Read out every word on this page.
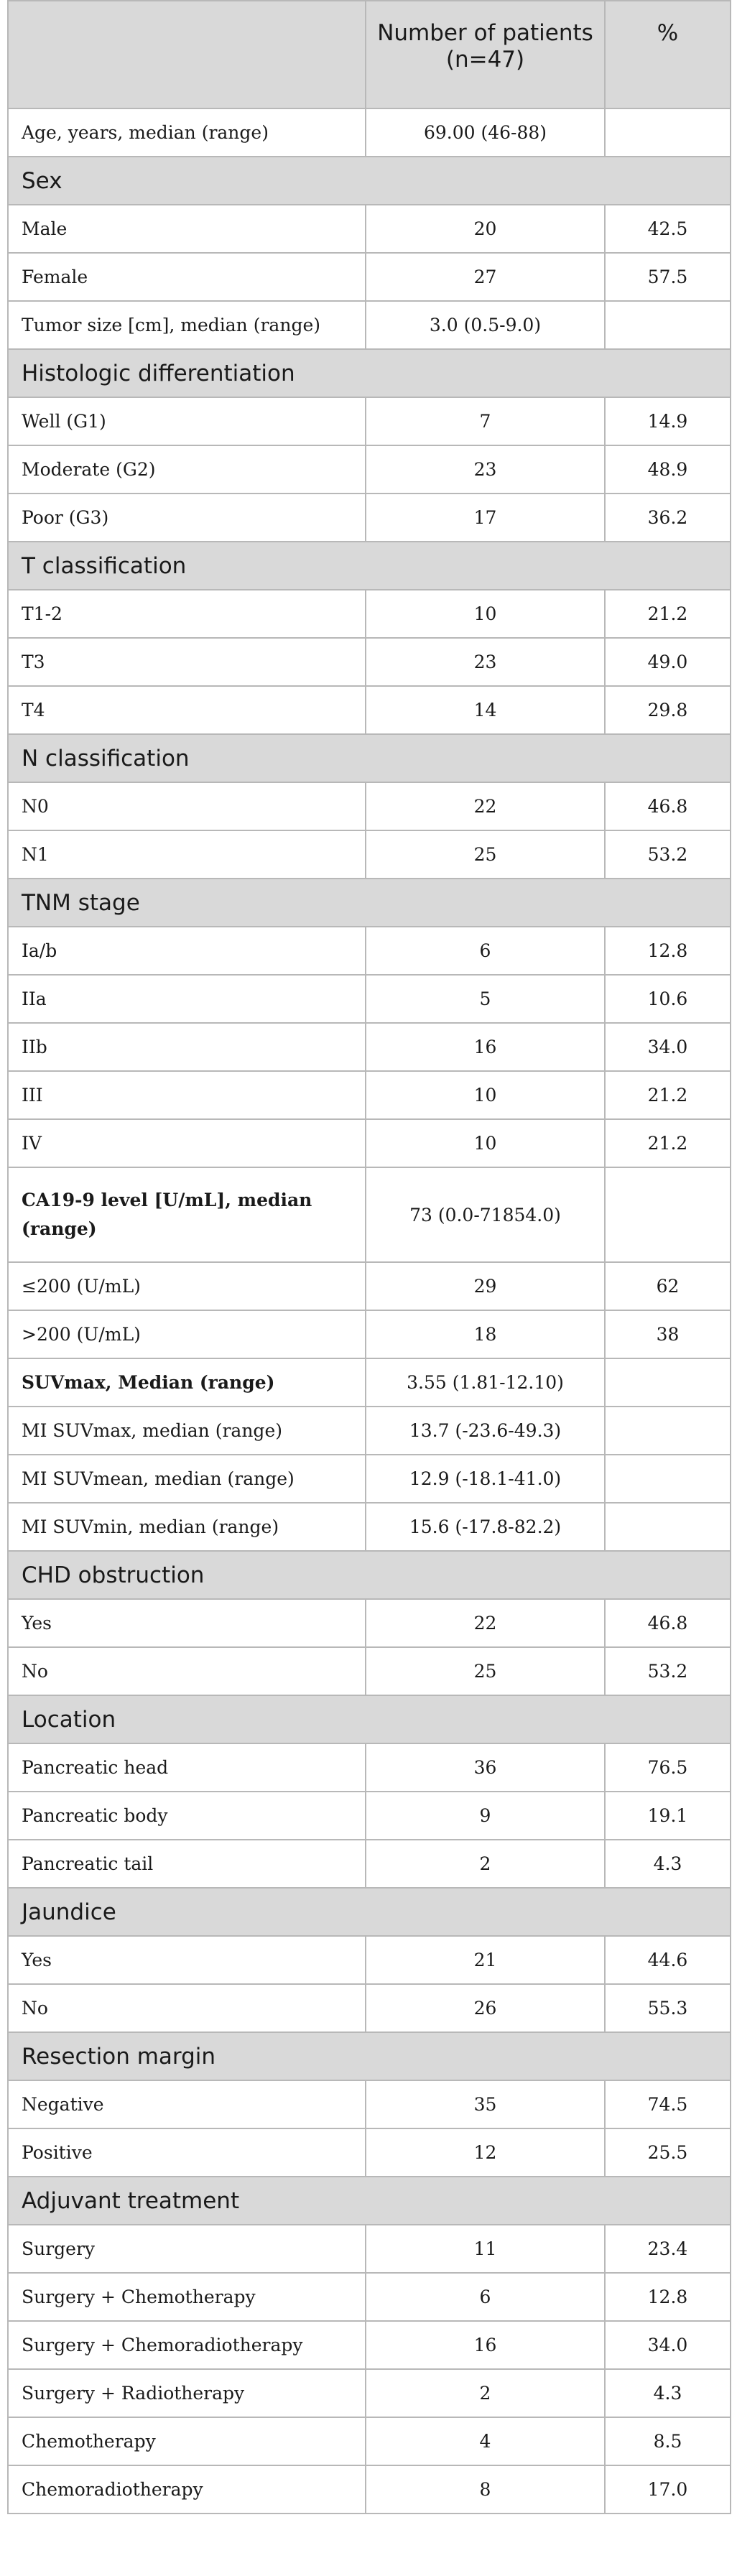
	Number of patients (n=47)	%
Age, years, median (range)	69.00 (46-88)	
Sex		
Male	20	42.5
Female	27	57.5
Tumor size [cm], median (range)	3.0 (0.5-9.0)	
Histologic differentiation		
Well (G1)	7	14.9
Moderate (G2)	23	48.9
Poor (G3)	17	36.2
T classification		
T1-2	10	21.2
T3	23	49.0
T4	14	29.8
N classification		
N0	22	46.8
N1	25	53.2
TNM stage		
Ia/b	6	12.8
IIa	5	10.6
IIb	16	34.0
III	10	21.2
IV	10	21.2
CA19-9 level [U/mL], median (range)	73 (0.0-71854.0)	
≤200 (U/mL)	29	62
>200 (U/mL)	18	38
SUVmax, Median (range)	3.55 (1.81-12.10)	
MI SUVmax, median (range)	13.7 (-23.6-49.3)	
MI SUVmean, median (range)	12.9 (-18.1-41.0)	
MI SUVmin, median (range)	15.6 (-17.8-82.2)	
CHD obstruction		
Yes	22	46.8
No	25	53.2
Location		
Pancreatic head	36	76.5
Pancreatic body	9	19.1
Pancreatic tail	2	4.3
Jaundice		
Yes	21	44.6
No	26	55.3
Resection margin		
Negative	35	74.5
Positive	12	25.5
Adjuvant treatment		
Surgery	11	23.4
Surgery + Chemotherapy	6	12.8
Surgery + Chemoradiotherapy	16	34.0
Surgery + Radiotherapy	2	4.3
Chemotherapy	4	8.5
Chemoradiotherapy	8	17.0
